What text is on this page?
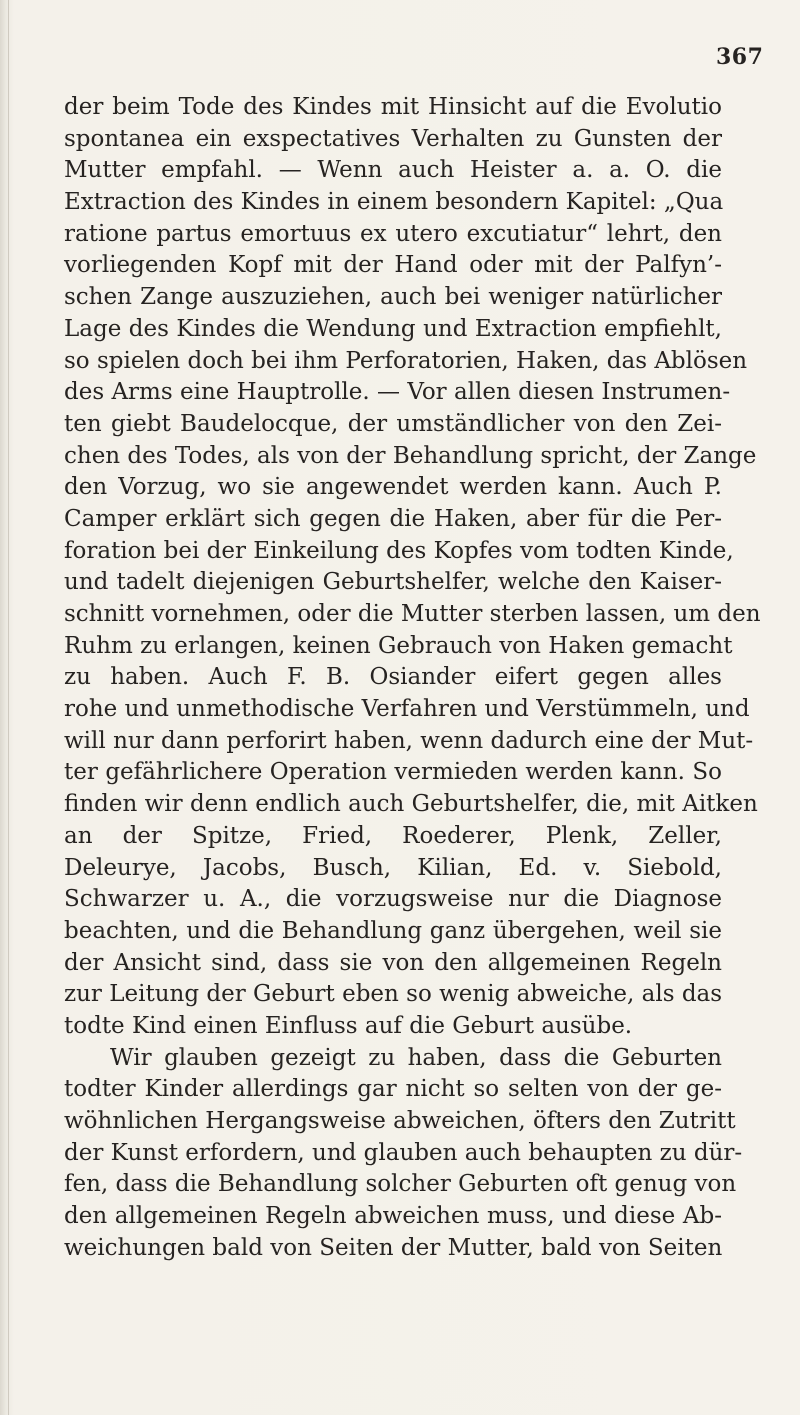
367
der beim Tode des Kindes mit Hinsicht auf die Evolutio
spontanea ein exspectatives Verhalten zu Gunsten der
Mutter empfahl. — Wenn auch Heister a. a. O. die
Extraction des Kindes in einem besondern Kapitel: „Qua
ratione partus emortuus ex utero excutiatur“ lehrt, den
vorliegenden Kopf mit der Hand oder mit der Palfyn’-
schen Zange auszuziehen, auch bei weniger natürlicher
Lage des Kindes die Wendung und Extraction empfiehlt,
so spielen doch bei ihm Perforatorien, Haken, das Ablösen
des Arms eine Hauptrolle. — Vor allen diesen Instrumen-
ten giebt Baudelocque, der umständlicher von den Zei-
chen des Todes, als von der Behandlung spricht, der Zange
den Vorzug, wo sie angewendet werden kann. Auch P.
Camper erklärt sich gegen die Haken, aber für die Per-
foration bei der Einkeilung des Kopfes vom todten Kinde,
und tadelt diejenigen Geburtshelfer, welche den Kaiser-
schnitt vornehmen, oder die Mutter sterben lassen, um den
Ruhm zu erlangen, keinen Gebrauch von Haken gemacht
zu haben. Auch F. B. Osiander eifert gegen alles
rohe und unmethodische Verfahren und Verstümmeln, und
will nur dann perforirt haben, wenn dadurch eine der Mut-
ter gefährlichere Operation vermieden werden kann. So
finden wir denn endlich auch Geburtshelfer, die, mit Aitken
an der Spitze, Fried, Roederer, Plenk, Zeller,
Deleurye, Jacobs, Busch, Kilian, Ed. v. Siebold,
Schwarzer u. A., die vorzugsweise nur die Diagnose
beachten, und die Behandlung ganz übergehen, weil sie
der Ansicht sind, dass sie von den allgemeinen Regeln
zur Leitung der Geburt eben so wenig abweiche, als das
todte Kind einen Einfluss auf die Geburt ausübe.
Wir glauben gezeigt zu haben, dass die Geburten
todter Kinder allerdings gar nicht so selten von der ge-
wöhnlichen Hergangsweise abweichen, öfters den Zutritt
der Kunst erfordern, und glauben auch behaupten zu dür-
fen, dass die Behandlung solcher Geburten oft genug von
den allgemeinen Regeln abweichen muss, und diese Ab-
weichungen bald von Seiten der Mutter, bald von Seiten
